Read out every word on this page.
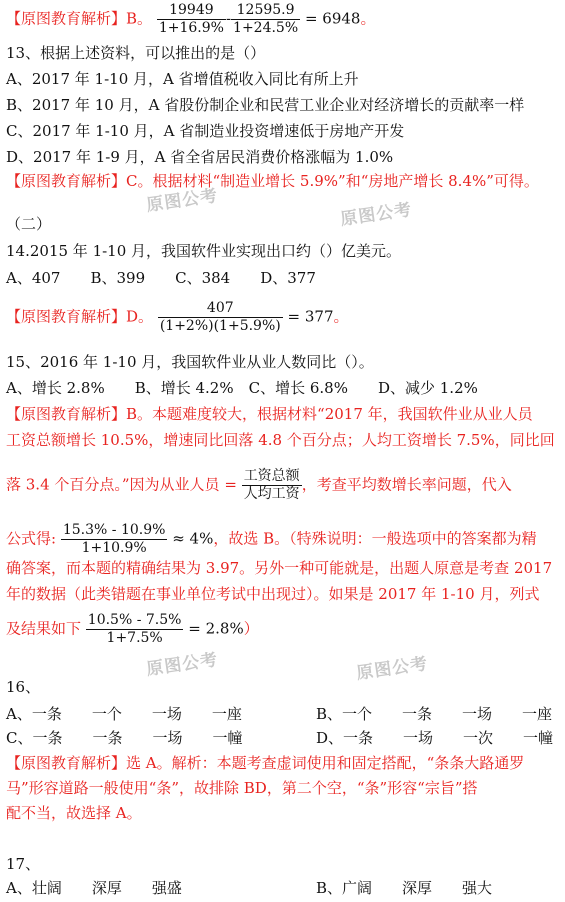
【原图教育解析】B。 $\frac{19949}{1+16.9\%} - \frac{12595.9}{1+24.5\%} = 6948$。
13、根据上述资料，可以推出的是（）
A、2017 年 1-10 月，A 省增值税收入同比有所上升
B、2017 年 10 月，A 省股份制企业和民营工业企业对经济增长的贡献率一样
C、2017 年 1-10 月，A 省制造业投资增速低于房地产开发
D、2017 年 1-9 月，A 省全省居民消费价格涨幅为 1.0%
【原图教育解析】C。根据材料“制造业增长 5.9%”和“房地产增长 8.4%”可得。
（二）
14.2015 年 1-10 月，我国软件业实现出口约（）亿美元。
A、407　　B、399　　C、384　　D、377
【原图教育解析】D。 $\frac{407}{(1+2\%)(1+5.9\%)} = 377$。
15、2016 年 1-10 月，我国软件业从业人数同比（）。
A、增长 2.8%　　B、增长 4.2%　C、增长 6.8%　　D、减少 1.2%
【原图教育解析】B。本题难度较大，根据材料“2017 年，我国软件业从业人员
工资总额增长 10.5%，增速同比回落 4.8 个百分点；人均工资增长 7.5%，同比回
落 3.4 个百分点。”因为从业人员 = $\frac{\text{工资总额}}{\text{人均工资}}$ ，考查平均数增长率问题，代入
公式得: $\frac{15.3\% - 10.9\%}{1+10.9\%} \approx 4\%$，故选 B。（特殊说明：一般选项中的答案都为精
确答案，而本题的精确结果为 3.97。另外一种可能就是，出题人原意是考查 2017
年的数据（此类错题在事业单位考试中出现过）。如果是 2017 年 1-10 月，列式
及结果如下 $\frac{10.5\% - 7.5\%}{1+7.5\%} = 2.8\%$）
16、
A、一条　　一个　　一场　　一座	B、一个　　一条　　一场　　一座
C、一条　　一条　　一场　　一幢	D、一条　　一场　　一次　　一幢
【原图教育解析】选 A。解析：本题考查虚词使用和固定搭配，“条条大路通罗
马”形容道路一般使用“条”，故排除 BD，第二个空，“条”形容“宗旨”搭
配不当，故选择 A。
17、
A、壮阔　　深厚　　强盛	B、广阔　　深厚　　强大
原图公考	原图公考
原图公考	原图公考
